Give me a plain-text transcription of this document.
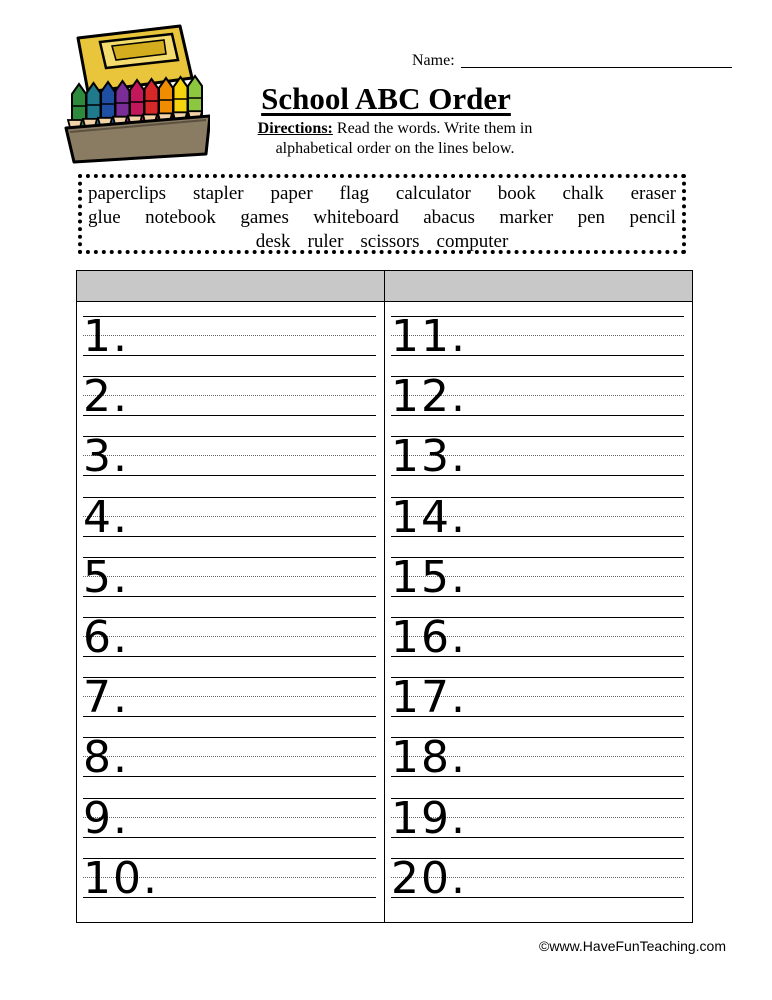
Name:
School ABC Order
Directions: Read the words. Write them in
alphabetical order on the lines below.
paperclips stapler paper flag calculator book chalk eraser
glue notebook games whiteboard abacus marker pen pencil
desk ruler scissors computer
1.
2.
3.
4.
5.
6.
7.
8.
9.
10.
11.
12.
13.
14.
15.
16.
17.
18.
19.
20.
©www.HaveFunTeaching.com
